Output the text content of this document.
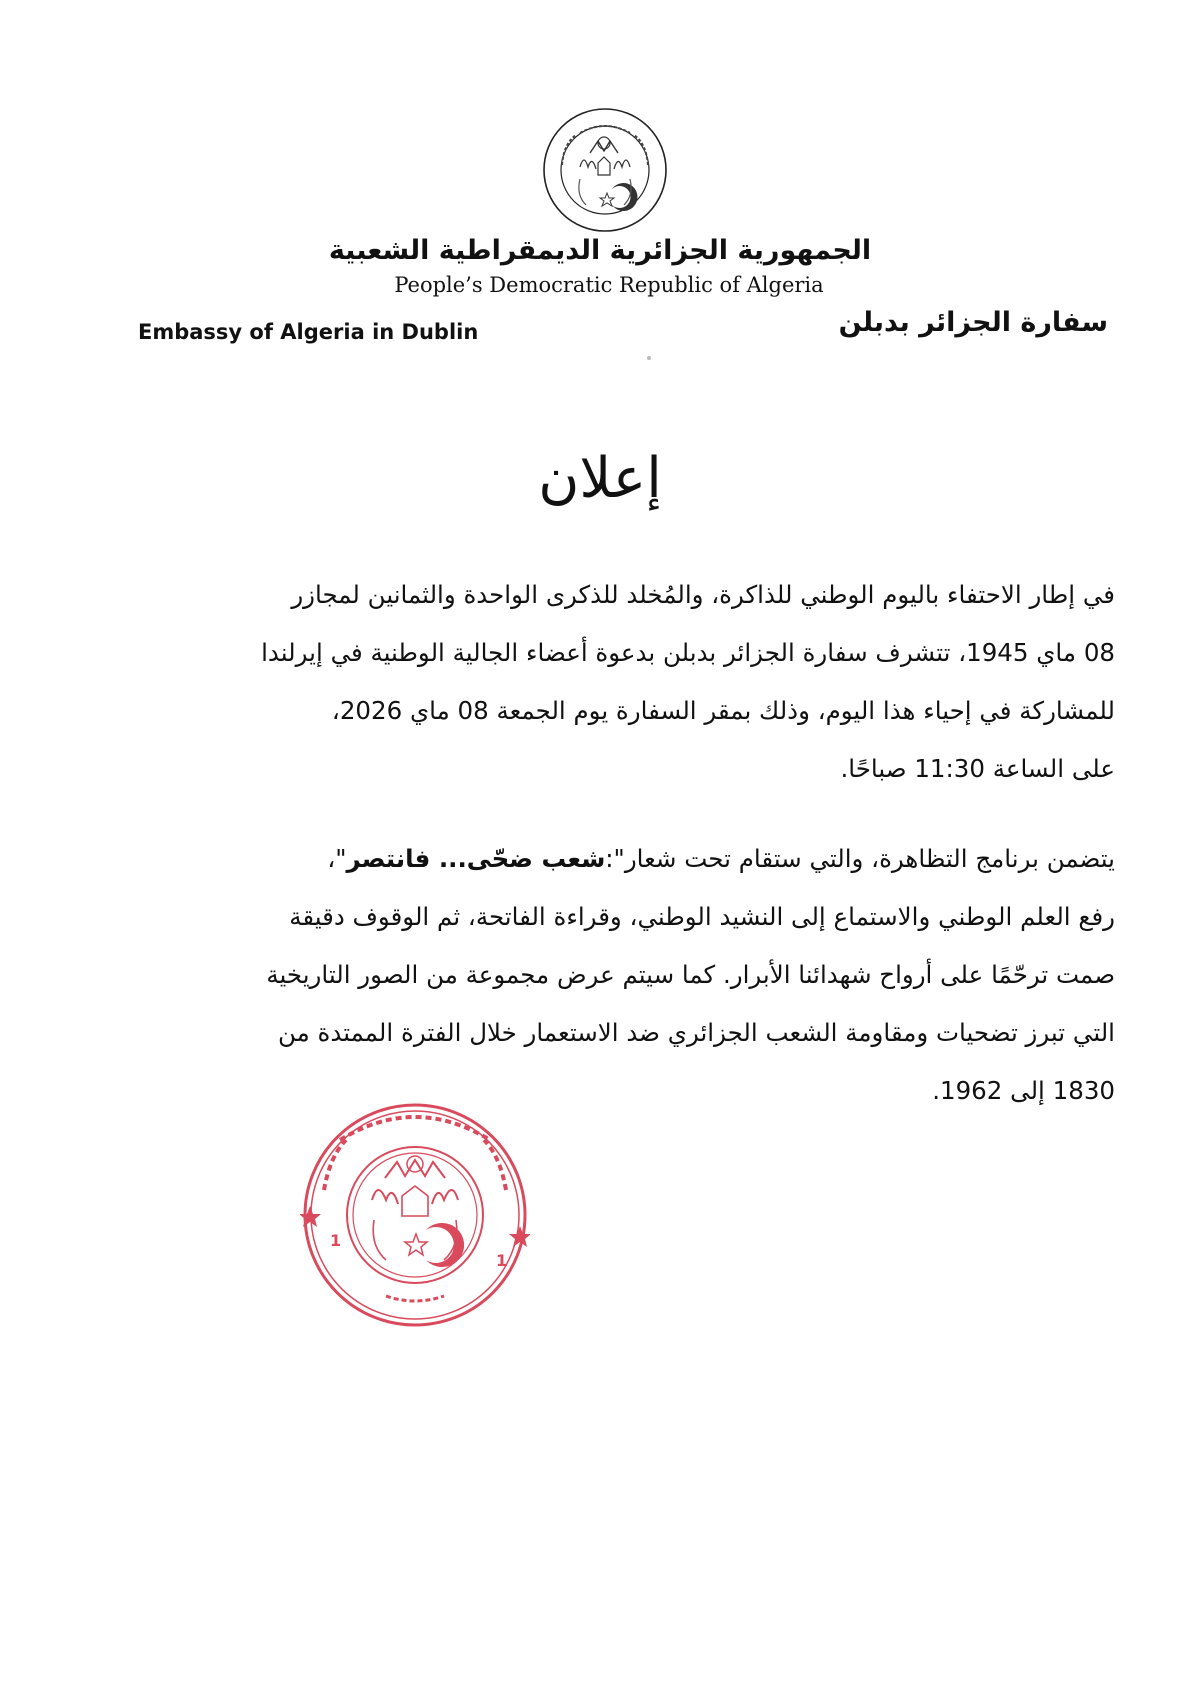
الجمهورية الجزائرية الديمقراطية الشعبية
People’s Democratic Republic of Algeria
Embassy of Algeria in Dublin	سفارة الجزائر بدبلن
إعلان
في إطار الاحتفاء باليوم الوطني للذاكرة، والمُخلد للذكرى الواحدة والثمانين لمجازر
08 ماي 1945، تتشرف سفارة الجزائر بدبلن بدعوة أعضاء الجالية الوطنية في إيرلندا
للمشاركة في إحياء هذا اليوم، وذلك بمقر السفارة يوم الجمعة 08 ماي 2026،
على الساعة 11:30 صباحًا.
يتضمن برنامج التظاهرة، والتي ستقام تحت شعار":شعب ضحّى... فانتصر"،
رفع العلم الوطني والاستماع إلى النشيد الوطني، وقراءة الفاتحة، ثم الوقوف دقيقة
صمت ترحّمًا على أرواح شهدائنا الأبرار. كما سيتم عرض مجموعة من الصور التاريخية
التي تبرز تضحيات ومقاومة الشعب الجزائري ضد الاستعمار خلال الفترة الممتدة من
1830 إلى 1962.
1
1
